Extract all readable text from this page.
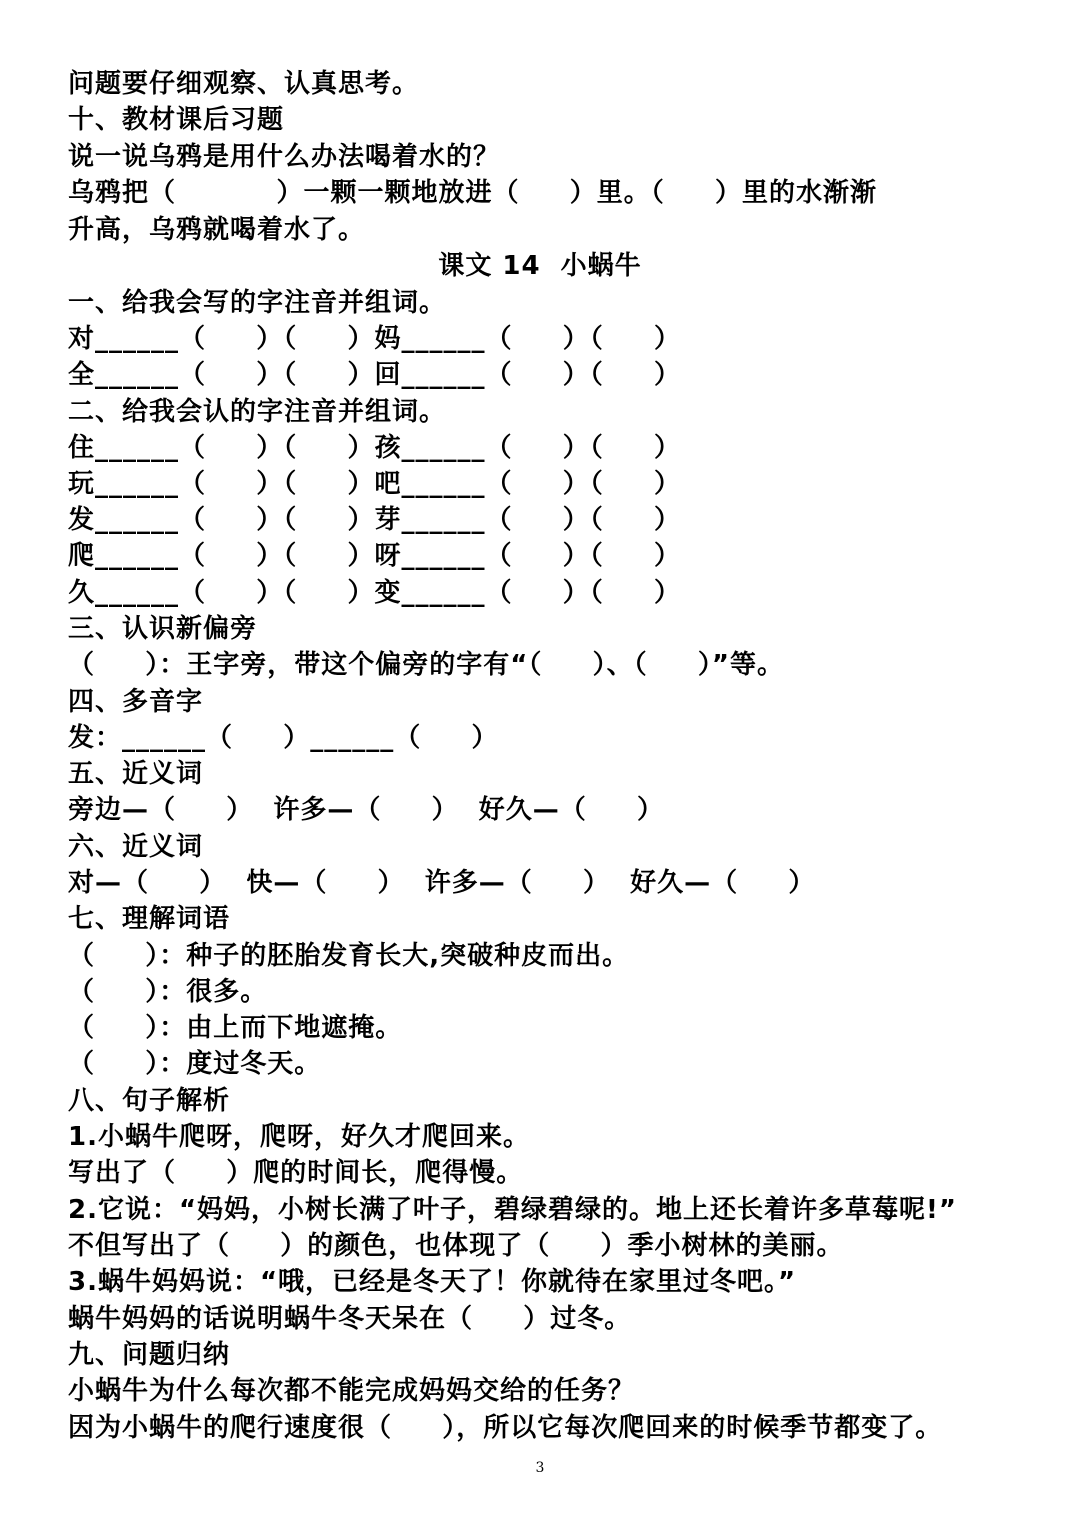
问题要仔细观察、认真思考。
十、教材课后习题
说一说乌鸦是用什么办法喝着水的？
乌鸦把（          ）一颗一颗地放进（     ）里。（     ）里的水渐渐
升高，乌鸦就喝着水了。
课文 14  小蜗牛
一、给我会写的字注音并组词。
对______（     ）（     ）妈______（     ）（     ）
全______（     ）（     ）回______（     ）（     ）
二、给我会认的字注音并组词。
住______（     ）（     ）孩______（     ）（     ）
玩______（     ）（     ）吧______（     ）（     ）
发______（     ）（     ）芽______（     ）（     ）
爬______（     ）（     ）呀______（     ）（     ）
久______（     ）（     ）变______（     ）（     ）
三、认识新偏旁
（     ）：王字旁，带这个偏旁的字有“（     ）、（     ）”等。
四、多音字
发：______（     ）______（     ）
五、近义词
旁边—（     ）  许多—（     ）  好久—（     ）
六、近义词
对—（     ）  快—（     ）  许多—（     ）  好久—（     ）
七、理解词语
（     ）：种子的胚胎发育长大,突破种皮而出。
（     ）：很多。
（     ）：由上而下地遮掩。
（     ）：度过冬天。
八、句子解析
1.小蜗牛爬呀，爬呀，好久才爬回来。
写出了（     ）爬的时间长，爬得慢。
2.它说：“妈妈，小树长满了叶子，碧绿碧绿的。地上还长着许多草莓呢!”
不但写出了（     ）的颜色，也体现了（     ）季小树林的美丽。
3.蜗牛妈妈说：“哦，已经是冬天了！你就待在家里过冬吧。”
蜗牛妈妈的话说明蜗牛冬天呆在（     ）过冬。
九、问题归纳
小蜗牛为什么每次都不能完成妈妈交给的任务？
因为小蜗牛的爬行速度很（     ），所以它每次爬回来的时候季节都变了。
3
